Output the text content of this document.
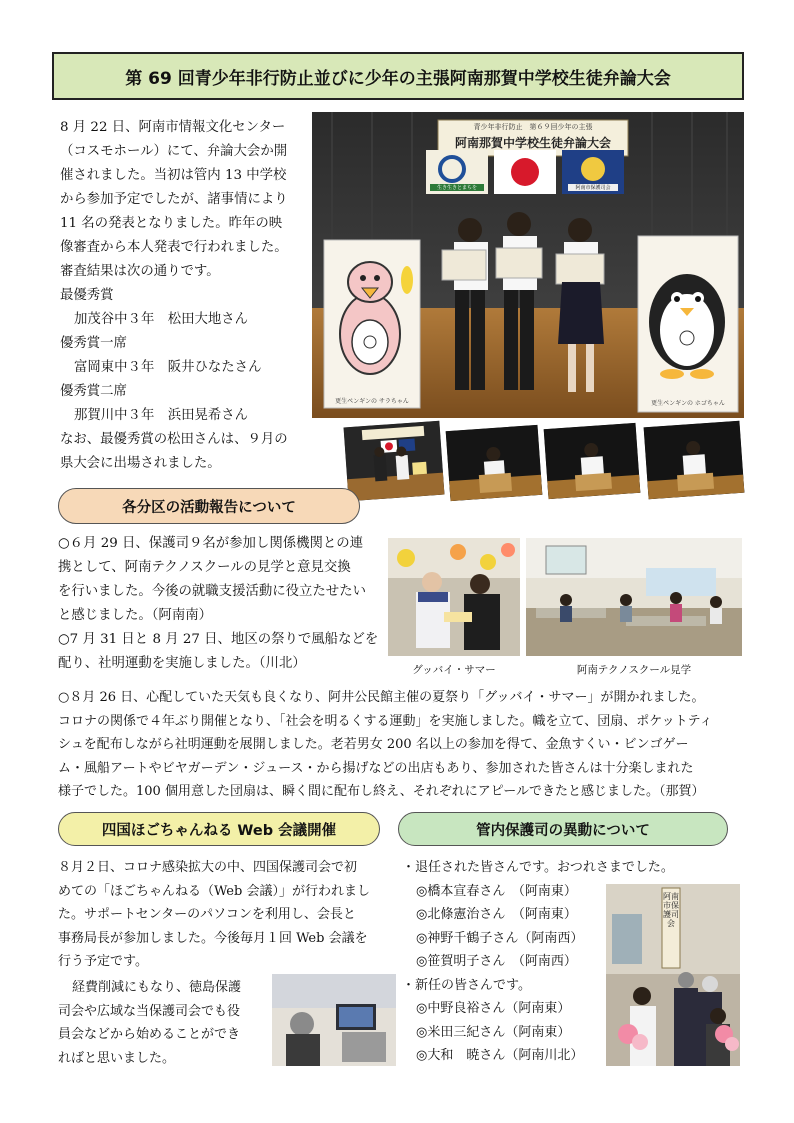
第 69 回青少年非行防止並びに少年の主張阿南那賀中学校生徒弁論大会
8 月 22 日、阿南市情報文化センター
（コスモホール）にて、弁論大会か開
催されました。当初は管内 13 中学校
から参加予定でしたが、諸事情により
11 名の発表となりました。昨年の映
像審査から本人発表で行われました。
審査結果は次の通りです。
最優秀賞
加茂谷中３年　松田大地さん
優秀賞一席
富岡東中３年　阪井ひなたさん
優秀賞二席
那賀川中３年　浜田晃希さん
なお、最優秀賞の松田さんは、９月の
県大会に出場されました。
青少年非行防止　第６９回少年の主張
阿南那賀中学校生徒弁論大会
生き生きとまちを	阿南市保護司会
更生ペンギンの サラちゃん	更生ペンギンの ホゴちゃん
各分区の活動報告について
○６月 29 日、保護司９名が参加し関係機関との連
携として、阿南テクノスクールの見学と意見交換
を行いました。今後の就職支援活動に役立たせたい
と感じました。（阿南南）
○7 月 31 日と 8 月 27 日、地区の祭りで風船などを
配り、社明運動を実施しました。（川北）	グッバイ・サマー	阿南テクノスクール見学
○８月 26 日、心配していた天気も良くなり、阿井公民館主催の夏祭り「グッバイ・サマー」が開かれました。
コロナの関係で４年ぶり開催となり、「社会を明るくする運動」を実施しました。幟を立て、団扇、ポケットティ
シュを配布しながら社明運動を展開しました。老若男女 200 名以上の参加を得て、金魚すくい・ビンゴゲー
ム・風船アートやビヤガーデン・ジュース・から揚げなどの出店もあり、参加された皆さんは十分楽しまれた
様子でした。100 個用意した団扇は、瞬く間に配布し終え、それぞれにアピールできたと感じました。（那賀）
四国ほごちゃんねる Web 会議開催	管内保護司の異動について
８月２日、コロナ感染拡大の中、四国保護司会で初
めての「ほごちゃんねる（Web 会議）」が行われまし
た。サポートセンターのパソコンを利用し、会長と
事務局長が参加しました。今後毎月１回 Web 会議を
行う予定です。
経費削減にもなり、徳島保護
司会や広域な当保護司会でも役
員会などから始めることができ
ればと思いました。
・退任された皆さんです。おつれさまでした。
◎橋本宣春さん　（阿南東）
◎北條憲治さん　（阿南東）
◎神野千鶴子さん（阿南西）
◎笹賀明子さん　（阿南西）
・新任の皆さんです。
◎中野良裕さん（阿南東）
◎米田三紀さん（阿南東）
◎大和　暁さん（阿南川北）
阿南市保護司会
